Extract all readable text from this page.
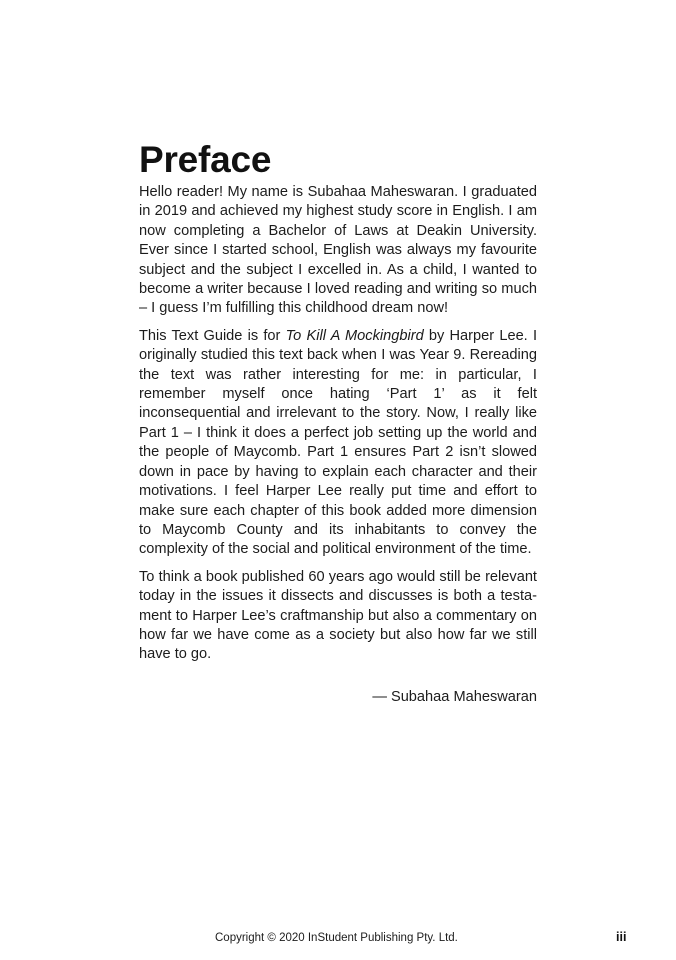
Preface

Hello reader! My name is Subahaa Maheswaran. I graduated in 2019 and achieved my highest study score in English. I am now completing a Bachelor of Laws at Deakin University. Ever since I started school, English was always my favourite subject and the subject I excelled in. As a child, I wanted to become a writer because I loved reading and writing so much – I guess I’m fulfilling this childhood dream now!

This Text Guide is for To Kill A Mockingbird by Harper Lee. I originally studied this text back when I was Year 9. Rereading the text was rather interesting for me: in particular, I remember myself once hating ‘Part 1’ as it felt inconsequential and irrelevant to the story. Now, I really like Part 1 – I think it does a perfect job setting up the world and the people of Maycomb. Part 1 ensures Part 2 isn’t slowed down in pace by having to explain each character and their motivations. I feel Harper Lee really put time and effort to make sure each chapter of this book added more dimension to Maycomb County and its inhabitants to convey the complexity of the social and political environment of the time.

To think a book published 60 years ago would still be relevant today in the issues it dissects and discusses is both a testament to Harper Lee’s craftmanship but also a commentary on how far we have come as a society but also how far we still have to go.

— Subahaa Maheswaran
Copyright © 2020 InStudent Publishing Pty. Ltd.	iii
